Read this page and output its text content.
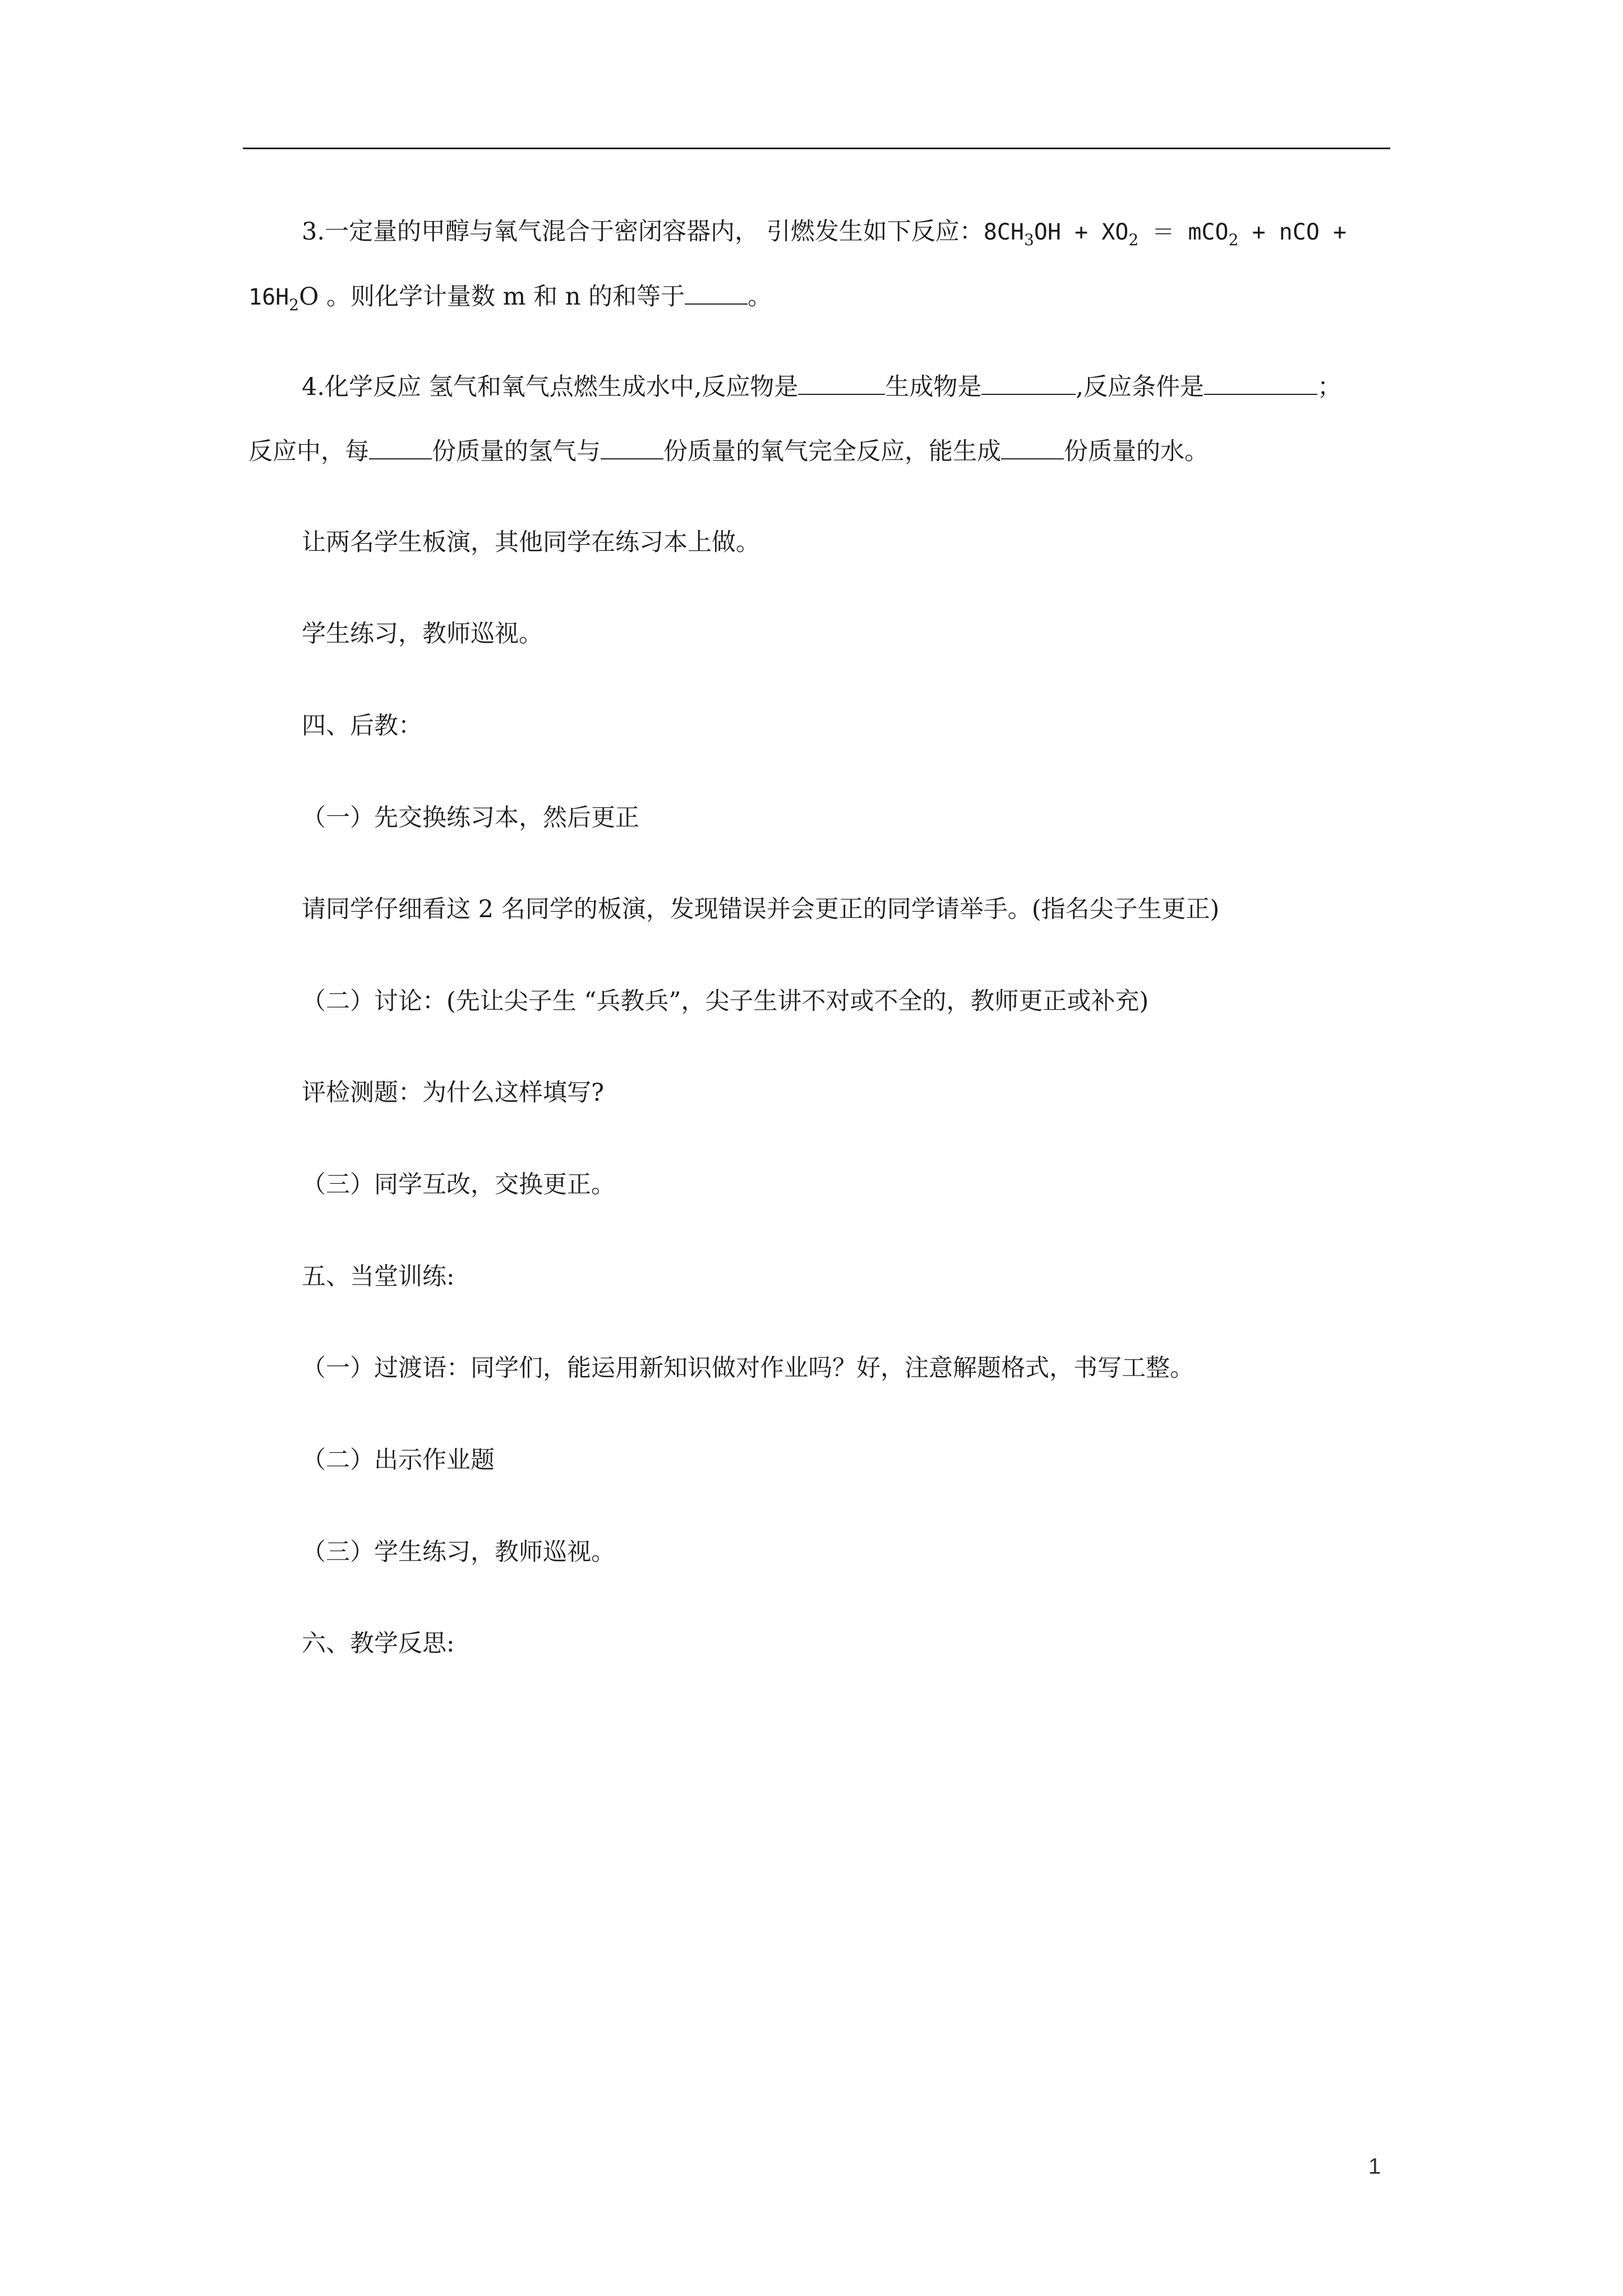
3.一定量的甲醇与氧气混合于密闭容器内， 引燃发生如下反应：$8CH_3OH + XO_2 = mCO_2$ + nCO +
$16H_2O$ 。则化学计量数 m 和 n 的和等于	。
4.化学反应 氢气和氧气点燃生成水中,反应物是	生成物是	,反应条件是	；
反应中，每	份质量的氢气与	份质量的氧气完全反应，能生成	份质量的水。
让两名学生板演，其他同学在练习本上做。
学生练习，教师巡视。
四、后教：
（一）先交换练习本，然后更正
请同学仔细看这 2 名同学的板演，发现错误并会更正的同学请举手。(指名尖子生更正)
（二）讨论：(先让尖子生 “兵教兵”，尖子生讲不对或不全的，教师更正或补充)
评检测题：为什么这样填写?
（三）同学互改，交换更正。
五、当堂训练:
（一）过渡语：同学们，能运用新知识做对作业吗？好，注意解题格式，书写工整。
（二）出示作业题
（三）学生练习，教师巡视。
六、教学反思:
1
